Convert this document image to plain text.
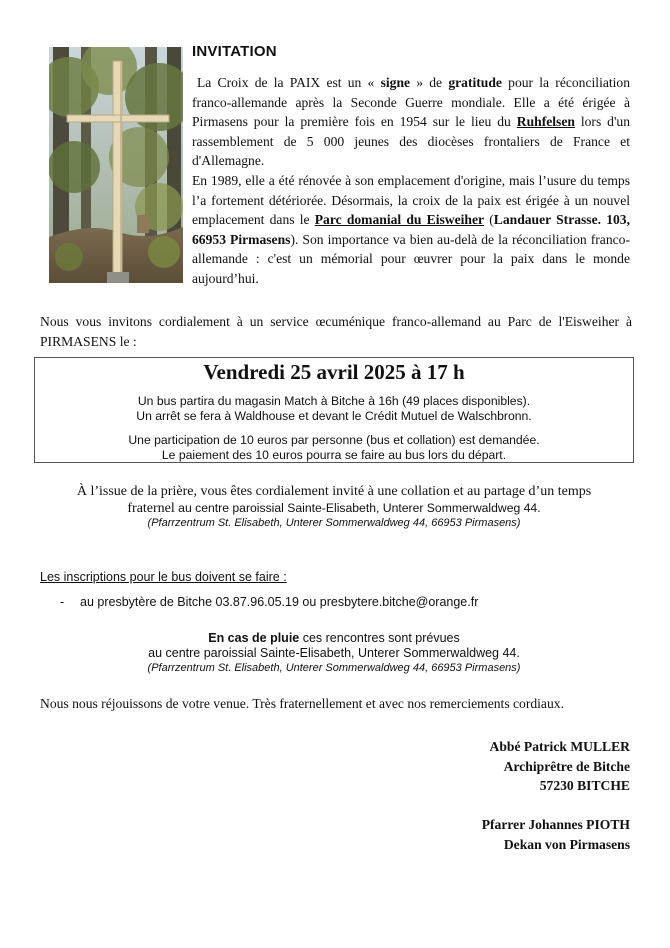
INVITATION

La Croix de la PAIX est un « signe » de gratitude pour la réconciliation franco-allemande après la Seconde Guerre mondiale. Elle a été érigée à Pirmasens pour la première fois en 1954 sur le lieu du Ruhfelsen lors d'un rassemblement de 5 000 jeunes des diocèses frontaliers de France et d'Allemagne.

En 1989, elle a été rénovée à son emplacement d'origine, mais l’usure du temps l’a fortement détériorée. Désormais, la croix de la paix est érigée à un nouvel emplacement dans le Parc domanial du Eisweiher (Landauer Strasse. 103, 66953 Pirmasens). Son importance va bien au-delà de la réconciliation franco-allemande : c'est un mémorial pour œuvrer pour la paix dans le monde aujourd’hui.

Nous vous invitons cordialement à un service œcuménique franco-allemand au Parc de l'Eisweiher à PIRMASENS le :
Vendredi 25 avril 2025 à 17 h
Un bus partira du magasin Match à Bitche à 16h (49 places disponibles).
Un arrêt se fera à Waldhouse et devant le Crédit Mutuel de Walschbronn.
Une participation de 10 euros par personne (bus et collation) est demandée.
Le paiement des 10 euros pourra se faire au bus lors du départ.
À l’issue de la prière, vous êtes cordialement invité à une collation et au partage d’un temps
fraternel au centre paroissial Sainte-Elisabeth, Unterer Sommerwaldweg 44.
(Pfarrzentrum St. Elisabeth, Unterer Sommerwaldweg 44, 66953 Pirmasens)
Les inscriptions pour le bus doivent se faire :
- au presbytère de Bitche 03.87.96.05.19 ou presbytere.bitche@orange.fr
En cas de pluie ces rencontres sont prévues
au centre paroissial Sainte-Elisabeth, Unterer Sommerwaldweg 44.
(Pfarrzentrum St. Elisabeth, Unterer Sommerwaldweg 44, 66953 Pirmasens)
Nous nous réjouissons de votre venue. Très fraternellement et avec nos remerciements cordiaux.
Abbé Patrick MULLER
Archiprêtre de Bitche
57230 BITCHE
Pfarrer Johannes PIOTH
Dekan von Pirmasens
